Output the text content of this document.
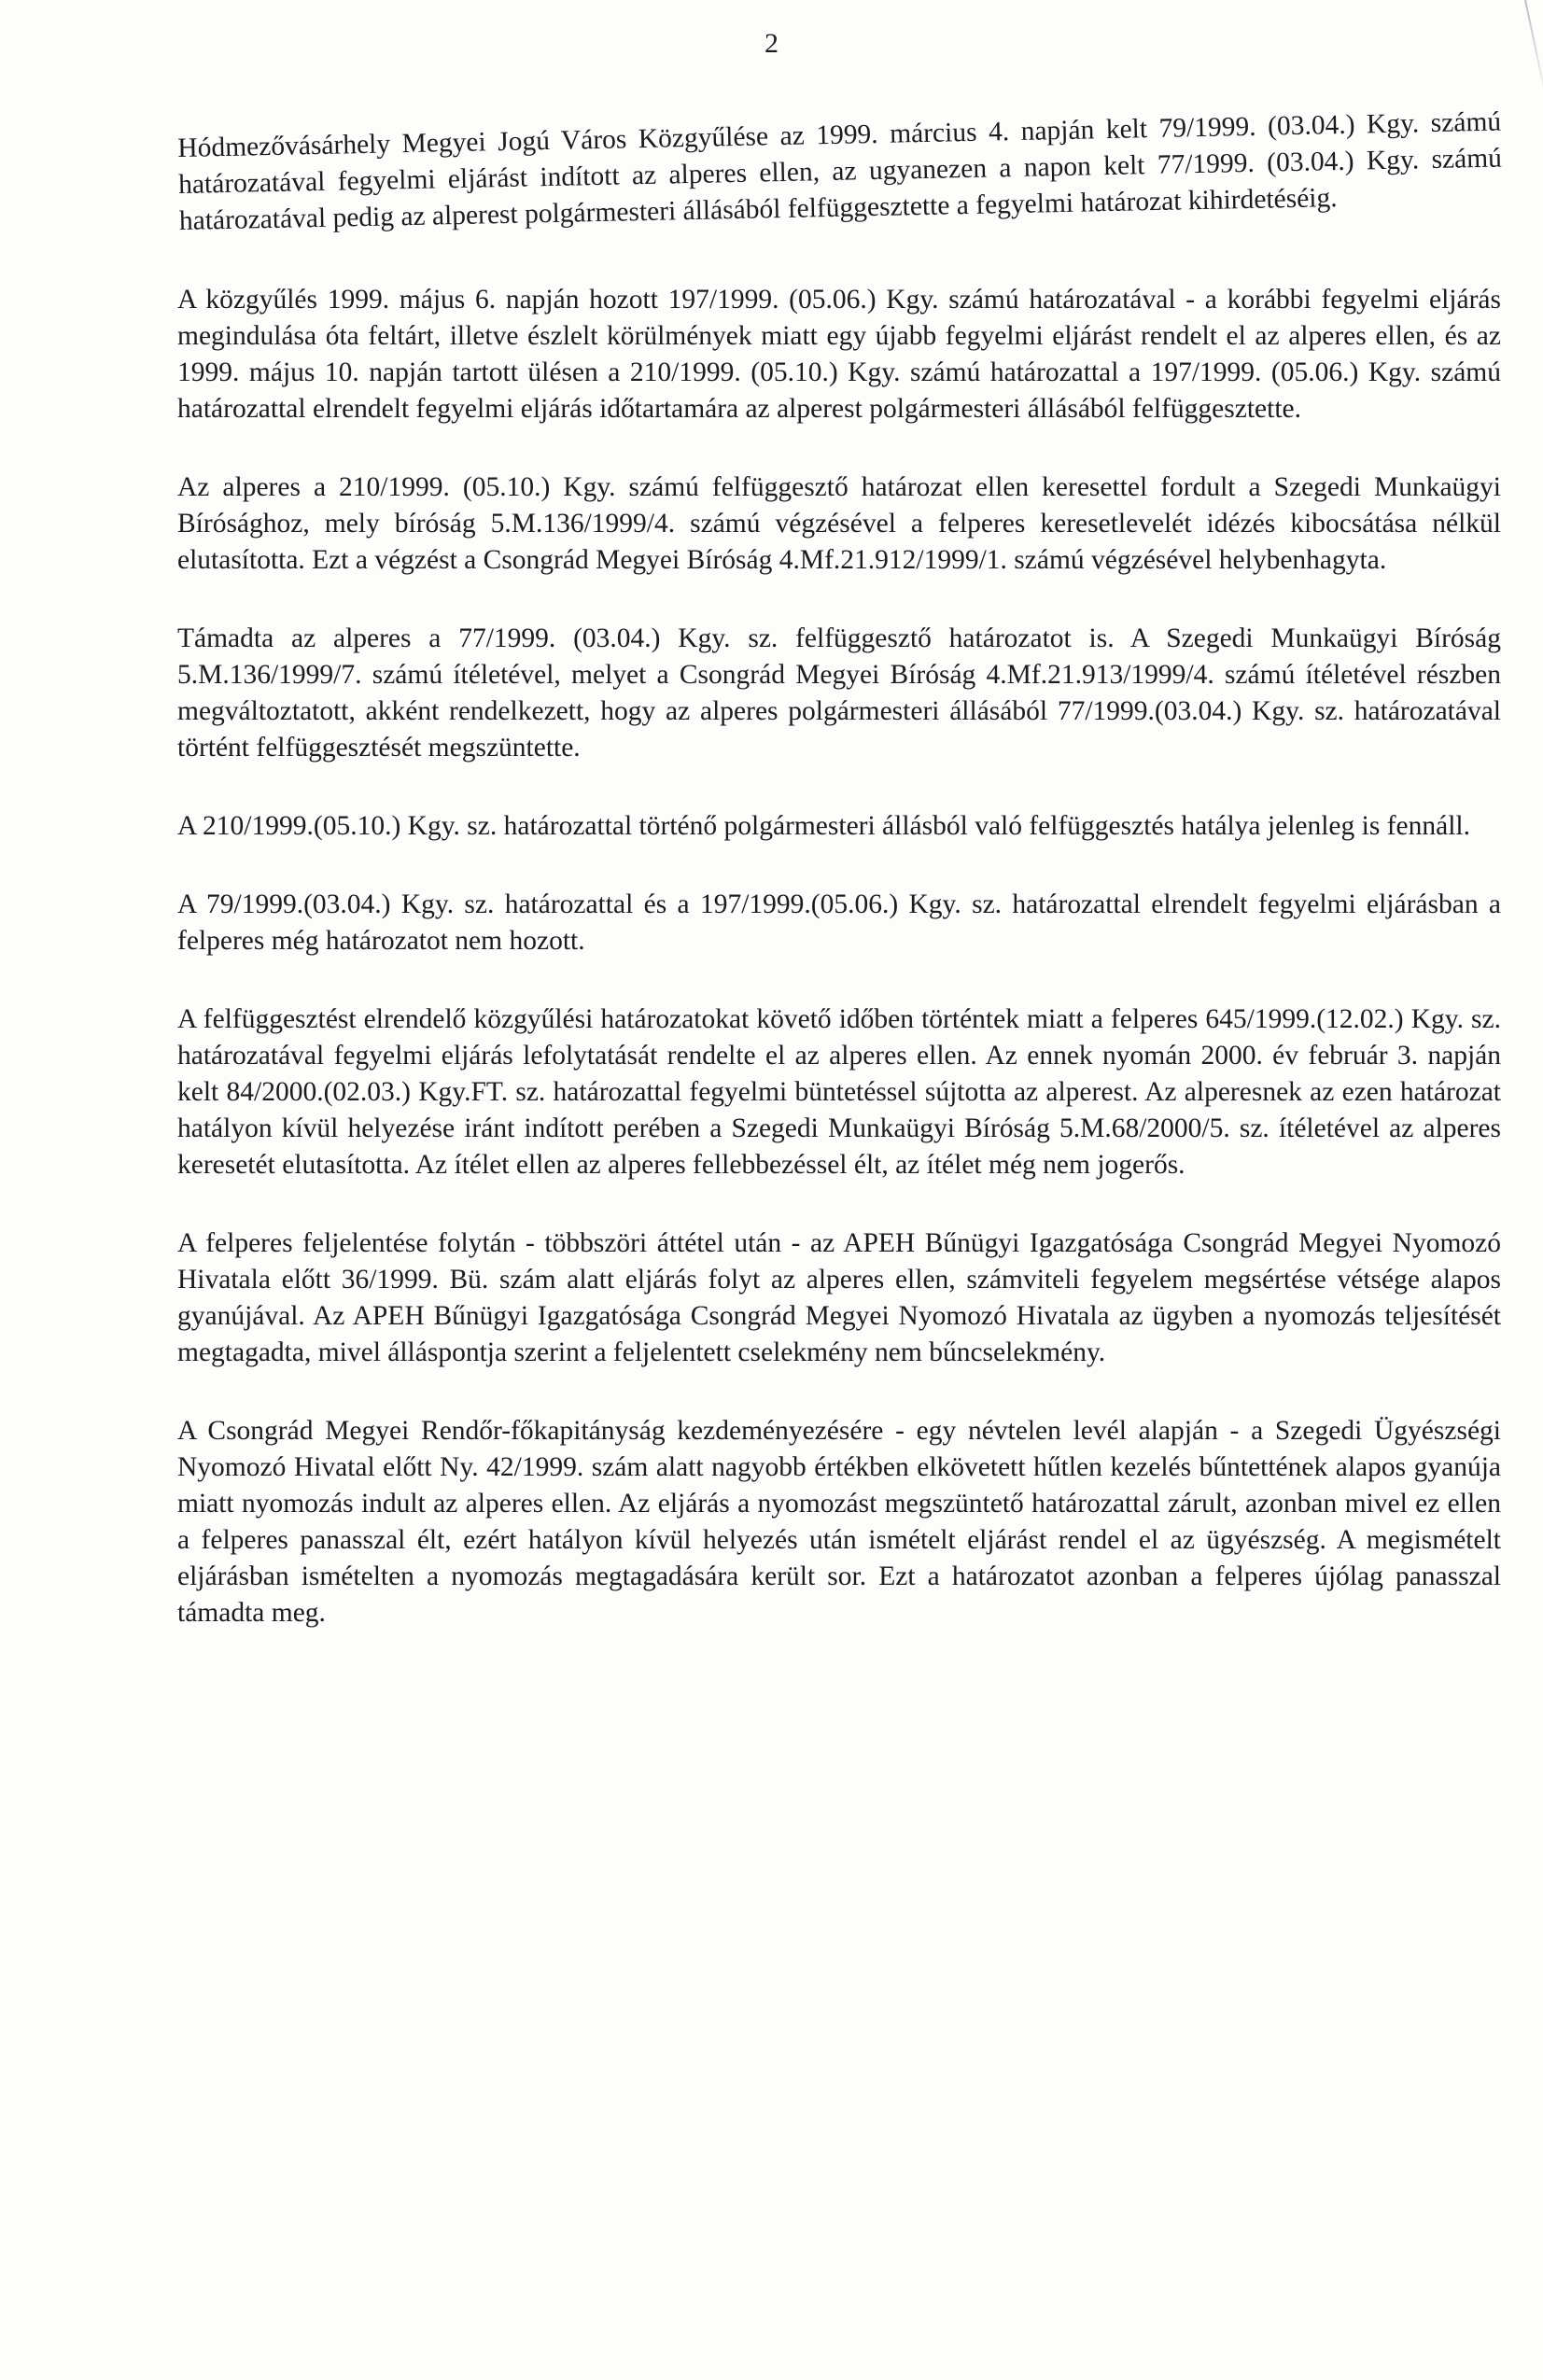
2

Hódmezővásárhely Megyei Jogú Város Közgyűlése az 1999. március 4. napján kelt 79/1999. (03.04.) Kgy. számú határozatával fegyelmi eljárást indított az alperes ellen, az ugyanezen a napon kelt 77/1999. (03.04.) Kgy. számú határozatával pedig az alperest polgármesteri állásából felfüggesztette a fegyelmi határozat kihirdetéséig.

A közgyűlés 1999. május 6. napján hozott 197/1999. (05.06.) Kgy. számú határozatával - a korábbi fegyelmi eljárás megindulása óta feltárt, illetve észlelt körülmények miatt egy újabb fegyelmi eljárást rendelt el az alperes ellen, és az 1999. május 10. napján tartott ülésen a 210/1999. (05.10.) Kgy. számú határozattal a 197/1999. (05.06.) Kgy. számú határozattal elrendelt fegyelmi eljárás időtartamára az alperest polgármesteri állásából felfüggesztette.

Az alperes a 210/1999. (05.10.) Kgy. számú felfüggesztő határozat ellen keresettel fordult a Szegedi Munkaügyi Bírósághoz, mely bíróság 5.M.136/1999/4. számú végzésével a felperes keresetlevelét idézés kibocsátása nélkül elutasította. Ezt a végzést a Csongrád Megyei Bíróság 4.Mf.21.912/1999/1. számú végzésével helybenhagyta.

Támadta az alperes a 77/1999. (03.04.) Kgy. sz. felfüggesztő határozatot is. A Szegedi Munkaügyi Bíróság 5.M.136/1999/7. számú ítéletével, melyet a Csongrád Megyei Bíróság 4.Mf.21.913/1999/4. számú ítéletével részben megváltoztatott, akként rendelkezett, hogy az alperes polgármesteri állásából 77/1999.(03.04.) Kgy. sz. határozatával történt felfüggesztését megszüntette.

A 210/1999.(05.10.) Kgy. sz. határozattal történő polgármesteri állásból való felfüggesztés hatálya jelenleg is fennáll.

A 79/1999.(03.04.) Kgy. sz. határozattal és a 197/1999.(05.06.) Kgy. sz. határozattal elrendelt fegyelmi eljárásban a felperes még határozatot nem hozott.

A felfüggesztést elrendelő közgyűlési határozatokat követő időben történtek miatt a felperes 645/1999.(12.02.) Kgy. sz. határozatával fegyelmi eljárás lefolytatását rendelte el az alperes ellen. Az ennek nyomán 2000. év február 3. napján kelt 84/2000.(02.03.) Kgy.FT. sz. határozattal fegyelmi büntetéssel sújtotta az alperest. Az alperesnek az ezen határozat hatályon kívül helyezése iránt indított perében a Szegedi Munkaügyi Bíróság 5.M.68/2000/5. sz. ítéletével az alperes keresetét elutasította. Az ítélet ellen az alperes fellebbezéssel élt, az ítélet még nem jogerős.

A felperes feljelentése folytán - többszöri áttétel után - az APEH Bűnügyi Igazgatósága Csongrád Megyei Nyomozó Hivatala előtt 36/1999. Bü. szám alatt eljárás folyt az alperes ellen, számviteli fegyelem megsértése vétsége alapos gyanújával. Az APEH Bűnügyi Igazgatósága Csongrád Megyei Nyomozó Hivatala az ügyben a nyomozás teljesítését megtagadta, mivel álláspontja szerint a feljelentett cselekmény nem bűncselekmény.

A Csongrád Megyei Rendőr-főkapitányság kezdeményezésére - egy névtelen levél alapján - a Szegedi Ügyészségi Nyomozó Hivatal előtt Ny. 42/1999. szám alatt nagyobb értékben elkövetett hűtlen kezelés bűntettének alapos gyanúja miatt nyomozás indult az alperes ellen. Az eljárás a nyomozást megszüntető határozattal zárult, azonban mivel ez ellen a felperes panasszal élt, ezért hatályon kívül helyezés után ismételt eljárást rendel el az ügyészség. A megismételt eljárásban ismételten a nyomozás megtagadására került sor. Ezt a határozatot azonban a felperes újólag panasszal támadta meg.
